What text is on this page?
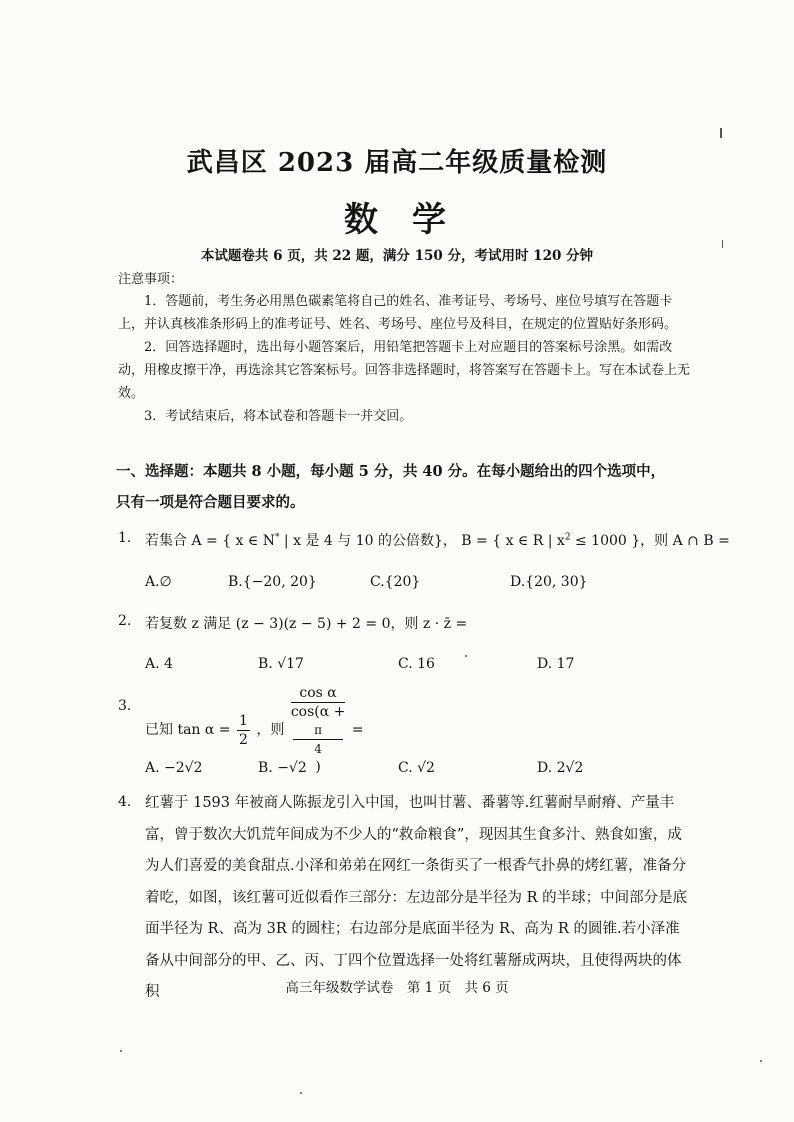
武昌区 2023 届高二年级质量检测
数学
本试题卷共 6 页，共 22 题，满分 150 分，考试用时 120 分钟
注意事项：

1．答题前，考生务必用黑色碳素笔将自己的姓名、准考证号、考场号、座位号填写在答题卡上，并认真核准条形码上的准考证号、姓名、考场号、座位号及科目，在规定的位置贴好条形码。

2．回答选择题时，选出每小题答案后，用铅笔把答题卡上对应题目的答案标号涂黑。如需改动，用橡皮擦干净，再选涂其它答案标号。回答非选择题时，将答案写在答题卡上。写在本试卷上无效。

3．考试结束后，将本试卷和答题卡一并交回。

一、选择题：本题共 8 小题，每小题 5 分，共 40 分。在每小题给出的四个选项中，只有一项是符合题目要求的。
1. 若集合 A = { x ∈ N* | x 是 4 与 10 的公倍数}， B = { x ∈ R | $x^2 \le 1000$ }，则 A ∩ B =
A.∅	B.{−20, 20}	C.{20}	D.{20, 30}
2. 若复数 z 满足 (z − 3)(z − 5) + 2 = 0，则 z · z̄ =
A. 4	B. √17	C. 16	D. 17
3.
已知 $\tan \alpha = \frac{1}{2}$ ，则 cos α
cos(α +
π
4
) =
A. −2√2	B. −√2	C. √2	D. 2√2
4. 红薯于 1593 年被商人陈振龙引入中国，也叫甘薯、番薯等.红薯耐旱耐瘠、产量丰富，曾于数次大饥荒年间成为不少人的“救命粮食”，现因其生食多汁、熟食如蜜，成为人们喜爱的美食甜点.小泽和弟弟在网红一条街买了一根香气扑鼻的烤红薯，准备分着吃，如图，该红薯可近似看作三部分：左边部分是半径为 R 的半球；中间部分是底面半径为 R、高为 3R 的圆柱；右边部分是底面半径为 R、高为 R 的圆锥.若小泽准备从中间部分的甲、乙、丙、丁四个位置选择一处将红薯掰成两块，且使得两块的体积	高三年级数学试卷　第 1 页　共 6 页
